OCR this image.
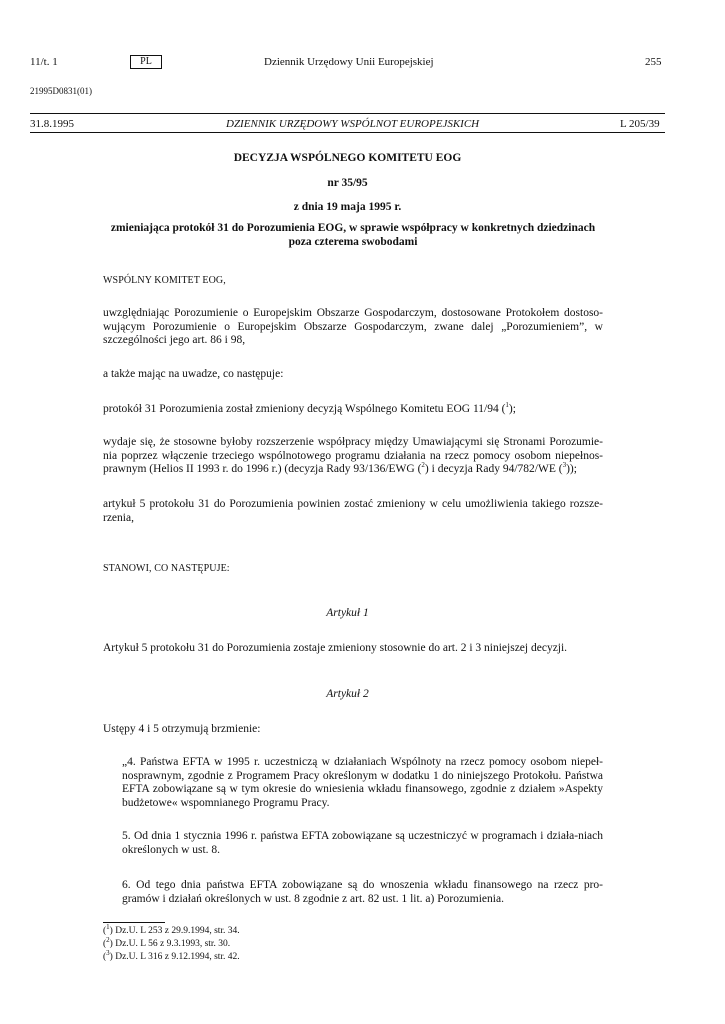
11/t. 1	PL	Dziennik Urzędowy Unii Europejskiej	255
21995D0831(01)
31.8.1995	DZIENNIK URZĘDOWY WSPÓLNOT EUROPEJSKICH	L 205/39
DECYZJA WSPÓLNEGO KOMITETU EOG
nr 35/95
z dnia 19 maja 1995 r.
zmieniająca protokół 31 do Porozumienia EOG, w sprawie współpracy w konkretnych dziedzinach poza czterema swobodami
WSPÓLNY KOMITET EOG,
uwzględniając Porozumienie o Europejskim Obszarze Gospodarczym, dostosowane Protokołem dostoso-wującym Porozumienie o Europejskim Obszarze Gospodarczym, zwane dalej „Porozumieniem”, w szczególności jego art. 86 i 98,
a także mając na uwadze, co następuje:
protokół 31 Porozumienia został zmieniony decyzją Wspólnego Komitetu EOG 11/94 ($^1$);
wydaje się, że stosowne byłoby rozszerzenie współpracy między Umawiającymi się Stronami Porozumie-nia poprzez włączenie trzeciego wspólnotowego programu działania na rzecz pomocy osobom niepełnos-prawnym (Helios II 1993 r. do 1996 r.) (decyzja Rady 93/136/EWG ($^2$) i decyzja Rady 94/782/WE ($^3$));
artykuł 5 protokołu 31 do Porozumienia powinien zostać zmieniony w celu umożliwienia takiego rozsze-rzenia,
STANOWI, CO NASTĘPUJE:
Artykuł 1
Artykuł 5 protokołu 31 do Porozumienia zostaje zmieniony stosownie do art. 2 i 3 niniejszej decyzji.
Artykuł 2
Ustępy 4 i 5 otrzymują brzmienie:
„4. Państwa EFTA w 1995 r. uczestniczą w działaniach Wspólnoty na rzecz pomocy osobom niepeł-nosprawnym, zgodnie z Programem Pracy określonym w dodatku 1 do niniejszego Protokołu. Państwa EFTA zobowiązane są w tym okresie do wniesienia wkładu finansowego, zgodnie z działem »Aspekty budżetowe« wspomnianego Programu Pracy.
5. Od dnia 1 stycznia 1996 r. państwa EFTA zobowiązane są uczestniczyć w programach i działa-niach określonych w ust. 8.
6. Od tego dnia państwa EFTA zobowiązane są do wnoszenia wkładu finansowego na rzecz pro-gramów i działań określonych w ust. 8 zgodnie z art. 82 ust. 1 lit. a) Porozumienia.
($^1$) Dz.U. L 253 z 29.9.1994, str. 34.
($^2$) Dz.U. L 56 z 9.3.1993, str. 30.
($^3$) Dz.U. L 316 z 9.12.1994, str. 42.
